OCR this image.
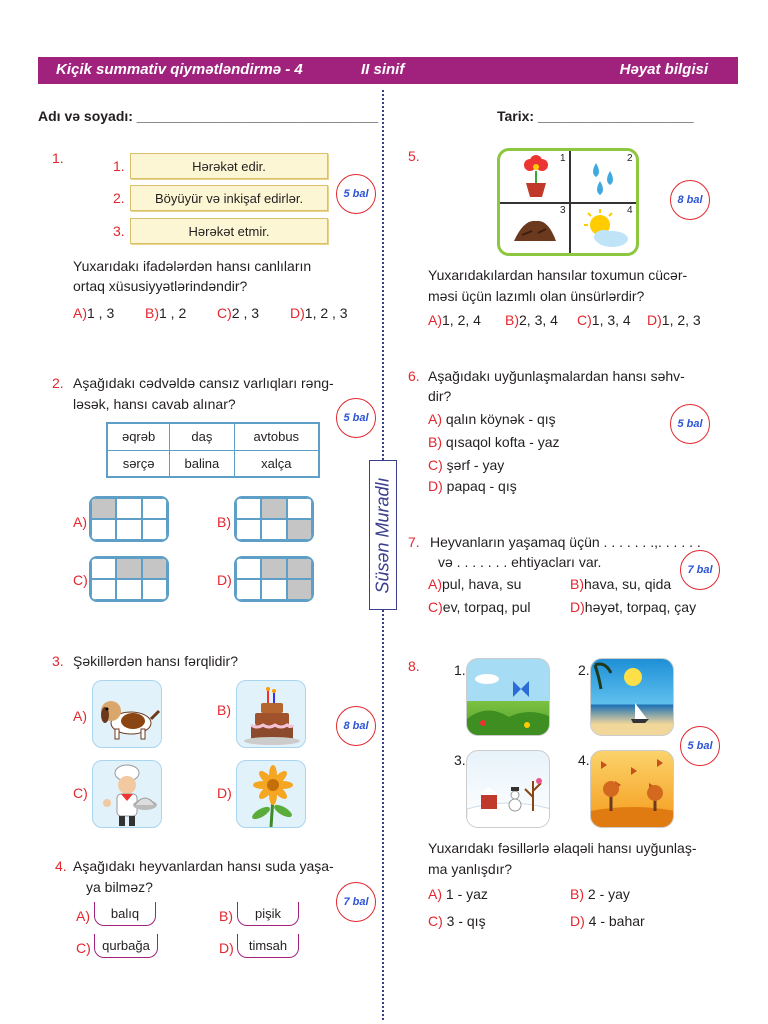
Kiçik summativ qiymətləndirmə - 4	II sinif	Həyat bilgisi
Adı və soyadı: _______________________________	Tarix: ____________________
Süsən Muradlı
1.	1.	Hərəkət edir.
2. Böyüyür və inkişaf edirlər.
3.	Hərəkət etmir.
5 bal
Yuxarıdakı ifadələrdən hansı canlıların
ortaq xüsusiyyətlərindəndir?
A)1 , 3 B)1 , 2 C)2 , 3 D)1, 2 , 3
2. Aşağıdakı cədvəldə cansız varlıqları rəng-
ləsək, hansı cavab alınar?
5 bal
əqrəb	daş	avtobus
sərçə	balina	xalça
A)	B)
C)	D)
3. Şəkillərdən hansı fərqlidir?
8 bal
A)	B)
C)	D)
4. Aşağıdakı heyvanlardan hansı suda yaşa-
ya bilməz?
7 bal
A)	balıq	B)	pişik
C) qurbağa	D)	timsah
5.	1	2
3	4
8 bal
Yuxarıdakılardan hansılar toxumun cücər-
məsi üçün lazımlı olan ünsürlərdir?
A)1, 2, 4 B)2, 3, 4 C)1, 3, 4 D)1, 2, 3
6. Aşağıdakı uyğunlaşmalardan hansı səhv-
dir?
5 bal
A) qalın köynək - qış
B) qısaqol kofta - yaz
C) şərf - yay
D) papaq - qış
7. Heyvanların yaşamaq üçün . . . . . . .,. . . . . .
və . . . . . . . ehtiyacları var.	7 bal
A)pul, hava, su	B)hava, su, qida
C)ev, torpaq, pul	D)həyət, torpaq, çay
8. 1.	2.
3.	4.
5 bal
Yuxarıdakı fəsillərlə əlaqəli hansı uyğunlaş-
ma yanlışdır?
A) 1 - yaz	B) 2 - yay
C) 3 - qış	D) 4 - bahar
